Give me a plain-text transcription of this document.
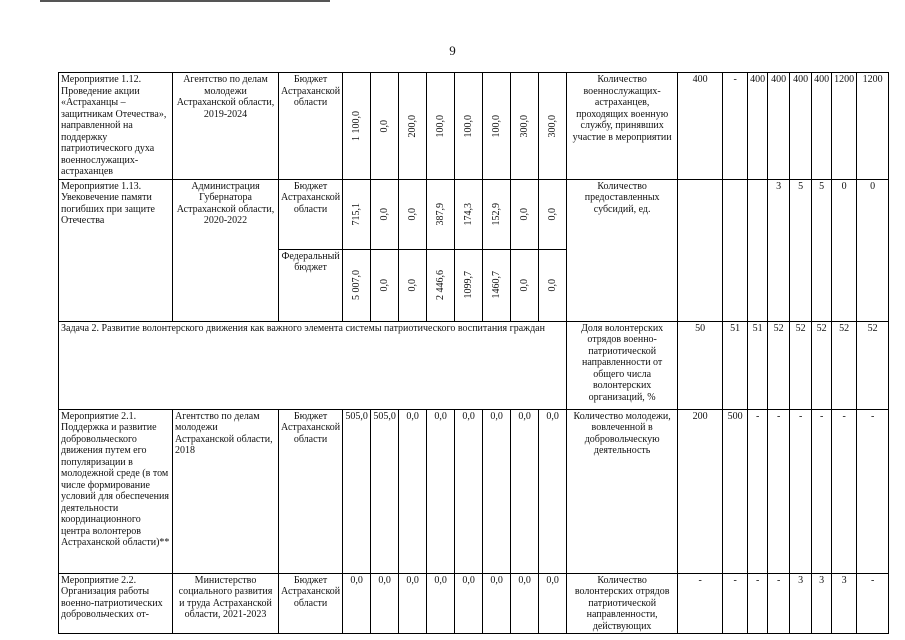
9
Мероприятие 1.12. Проведение акции «Астраханцы – защитникам Отечества», направленной на поддержку патриотического духа военнослужащих-астраханцев	Агентство по делам молодежи Астраханской области, 2019-2024	Бюджет Астраханской области	1 100,0	0,0	200,0	100,0	100,0	100,0	300,0	300,0	Количество военнослужащих-астраханцев, проходящих военную службу, принявших участие в мероприятии	400	-	400	400	400	400	1200	1200
Мероприятие 1.13. Увековечение памяти погибших при защите Отечества	Администрация Губернатора Астраханской области, 2020-2022	Бюджет Астраханской области	715,1	0,0	0,0	387,9	174,3	152,9	0,0	0,0	Количество предоставленных субсидий, ед.				3	5	5	0	0
		Федеральный бюджет	5 007,0	0,0	0,0	2 446,6	1099,7	1460,7	0,0	0,0									

Задача 2. Развитие волонтерского движения как важного элемента системы патриотического воспитания граждан											Доля волонтерских отрядов военно-патриотической направленности от общего числа волонтерских организаций, %	50	51	51	52	52	52	52	52
Мероприятие 2.1. Поддержка и развитие добровольческого движения путем его популяризации в молодежной среде (в том числе формирование условий для обеспечения деятельности координационного центра волонтеров Астраханской области)**	Агентство по делам молодежи Астраханской области, 2018	Бюджет Астраханской области	505,0	505,0	0,0	0,0	0,0	0,0	0,0	0,0	Количество молодежи, вовлеченной в добровольческую деятельность	200	500	-	-	-	-	-	-
Мероприятие 2.2. Организация работы военно-патриотических добровольческих от-	Министерство социального развития и труда Астраханской области, 2021-2023	Бюджет Астраханской области	0,0	0,0	0,0	0,0	0,0	0,0	0,0	0,0	Количество волонтерских отрядов патриотической направленности, действующих	-	-	-	-	3	3	3	-
